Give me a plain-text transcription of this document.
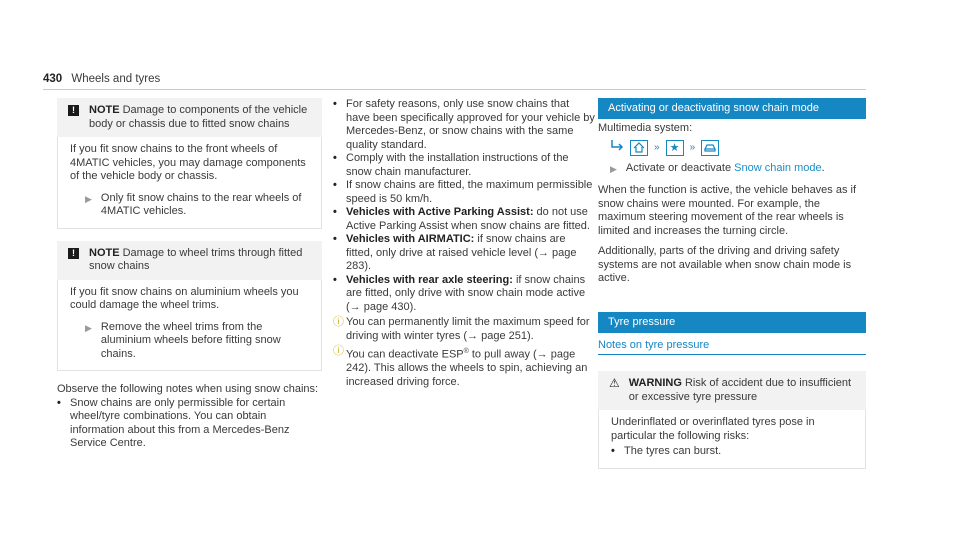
430 Wheels and tyres
!	NOTE Damage to components of the vehicle body or chassis due to fitted snow chains

If you fit snow chains to the front wheels of 4MATIC vehicles, you may damage components of the vehicle body or chassis.

▶ Only fit snow chains to the rear wheels of 4MATIC vehicles.

!	NOTE Damage to wheel trims through fitted snow chains

If you fit snow chains on aluminium wheels you could damage the wheel trims.

▶ Remove the wheel trims from the aluminium wheels before fitting snow chains.

Observe the following notes when using snow chains:

• Snow chains are only permissible for certain wheel/tyre combinations. You can obtain information about this from a Mercedes-Benz Service Centre.
• For safety reasons, only use snow chains that have been specifically approved for your vehicle by Mercedes-Benz, or snow chains with the same quality standard.
• Comply with the installation instructions of the snow chain manufacturer.
• If snow chains are fitted, the maximum permissible speed is 50 km/h.
• Vehicles with Active Parking Assist: do not use Active Parking Assist when snow chains are fitted.
• Vehicles with AIRMATIC: if snow chains are fitted, only drive at raised vehicle level (→ page 283).
• Vehicles with rear axle steering: if snow chains are fitted, only drive with snow chain mode active (→ page 430).
ⓘ You can permanently limit the maximum speed for driving with winter tyres (→ page 251).

ⓘ You can deactivate ESP® to pull away (→ page 242). This allows the wheels to spin, achieving an increased driving force.

Activating or deactivating snow chain mode

Multimedia system:

» ★	»
▶ Activate or deactivate Snow chain mode.

When the function is active, the vehicle behaves as if snow chains were mounted. For example, the maximum steering movement of the rear wheels is limited and increases the turning circle.

Additionally, parts of the driving and driving safety systems are not available when snow chain mode is active.

Tyre pressure
Notes on tyre pressure
⚠ WARNING Risk of accident due to insufficient or excessive tyre pressure

Underinflated or overinflated tyres pose in particular the following risks:

• The tyres can burst.
